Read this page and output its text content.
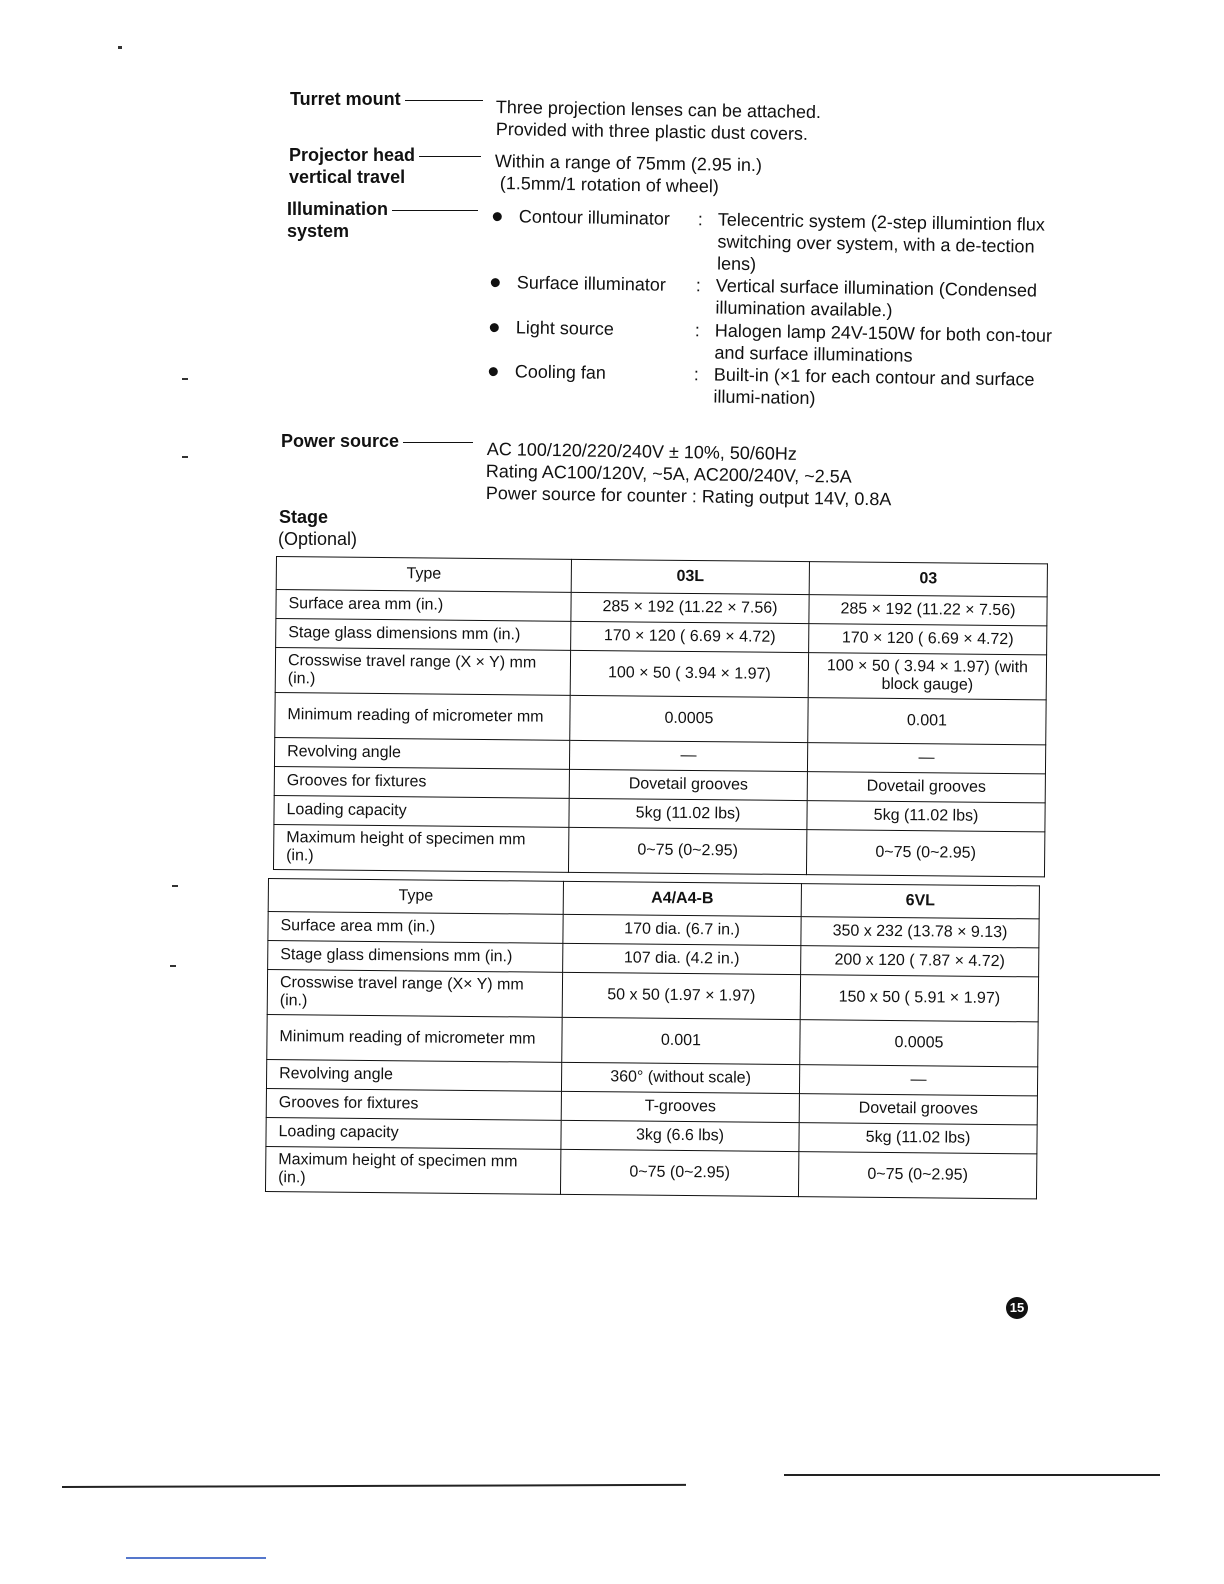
Turret mount	Three projection lenses can be attached.
Provided with three plastic dust covers.
Projector head
vertical travel
Within a range of 75mm (2.95 in.)
(1.5mm/1 rotation of wheel)
Illumination
system
Contour illuminator : Telecentric system (2-step illumintion flux switching over system, with a de-tection lens)
Surface illuminator : Vertical surface illumination (Condensed illumination available.)
Light source	: Halogen lamp 24V-150W for both con-tour and surface illuminations
Cooling fan	: Built-in (×1 for each contour and surface illumi-nation)
Power source	AC 100/120/220/240V ± 10%, 50/60Hz
Rating AC100/120V, ~5A, AC200/240V, ~2.5A
Power source for counter : Rating output 14V, 0.8A
Stage
(Optional)
Type	03L	03
Surface area mm (in.)	285 × 192 (11.22 × 7.56)	285 × 192 (11.22 × 7.56)
Stage glass dimensions mm (in.)	170 × 120 ( 6.69 × 4.72)	170 × 120 ( 6.69 × 4.72)
Crosswise travel range (X × Y) mm (in.)	100 × 50 ( 3.94 × 1.97)	100 × 50 ( 3.94 × 1.97) (with block gauge)
Minimum reading of micrometer mm	0.0005	0.001
Revolving angle	—	—
Grooves for fixtures	Dovetail grooves	Dovetail grooves
Loading capacity	5kg (11.02 lbs)	5kg (11.02 lbs)
Maximum height of specimen mm (in.)	0~75 (0~2.95)	0~75 (0~2.95)
Type	A4/A4-B	6VL
Surface area mm (in.)	170 dia. (6.7 in.)	350 x 232 (13.78 × 9.13)
Stage glass dimensions mm (in.)	107 dia. (4.2 in.)	200 x 120 ( 7.87 × 4.72)
Crosswise travel range (X× Y) mm (in.)	50 x 50 (1.97 × 1.97)	150 x 50 ( 5.91 × 1.97)
Minimum reading of micrometer mm	0.001	0.0005
Revolving angle	360° (without scale)	—
Grooves for fixtures	T-grooves	Dovetail grooves
Loading capacity	3kg (6.6 lbs)	5kg (11.02 lbs)
Maximum height of specimen mm (in.)	0~75 (0~2.95)	0~75 (0~2.95)
15
